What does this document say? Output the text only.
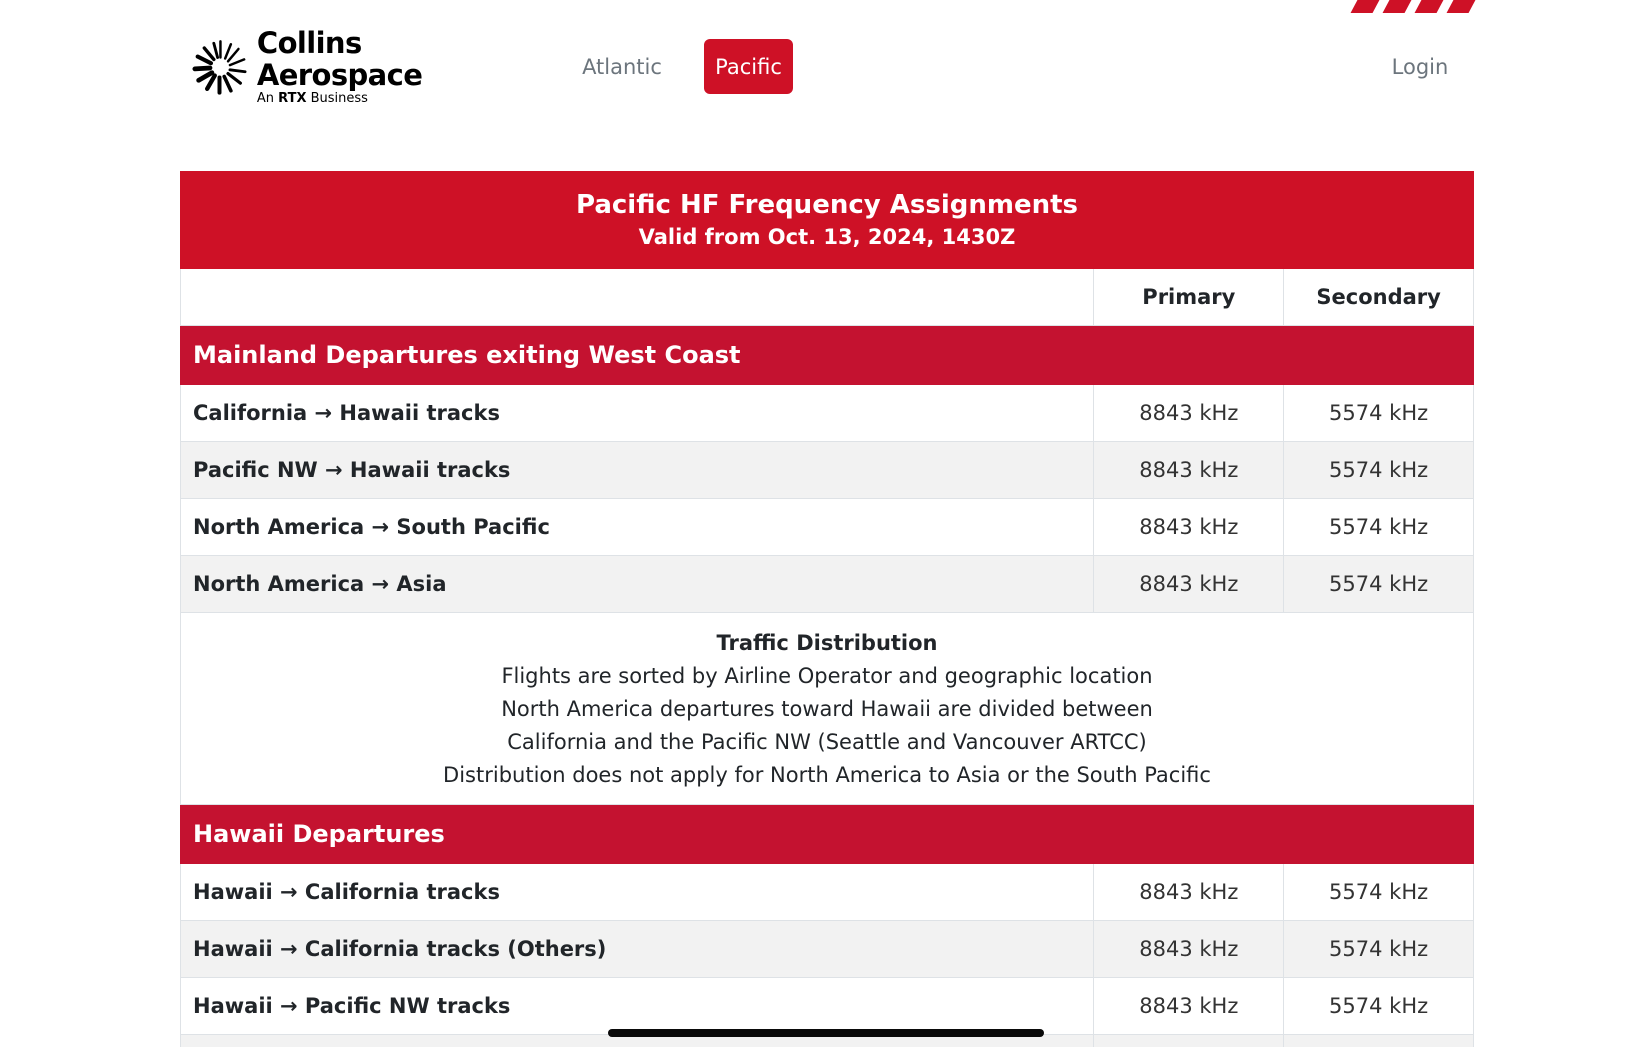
Collins Aerospace
An RTX Business
Atlantic	Pacific	Login
Pacific HF Frequency Assignments
Valid from Oct. 13, 2024, 1430Z		

	Primary	Secondary
Mainland Departures exiting West Coast		
California → Hawaii tracks	8843 kHz	5574 kHz
Pacific NW → Hawaii tracks	8843 kHz	5574 kHz
North America → South Pacific	8843 kHz	5574 kHz
North America → Asia	8843 kHz	5574 kHz

Traffic Distribution
Flights are sorted by Airline Operator and geographic location
North America departures toward Hawaii are divided between
California and the Pacific NW (Seattle and Vancouver ARTCC)
Distribution does not apply for North America to Asia or the South Pacific		

Hawaii Departures		
Hawaii → California tracks	8843 kHz	5574 kHz
Hawaii → California tracks (Others)	8843 kHz	5574 kHz
Hawaii → Pacific NW tracks	8843 kHz	5574 kHz
